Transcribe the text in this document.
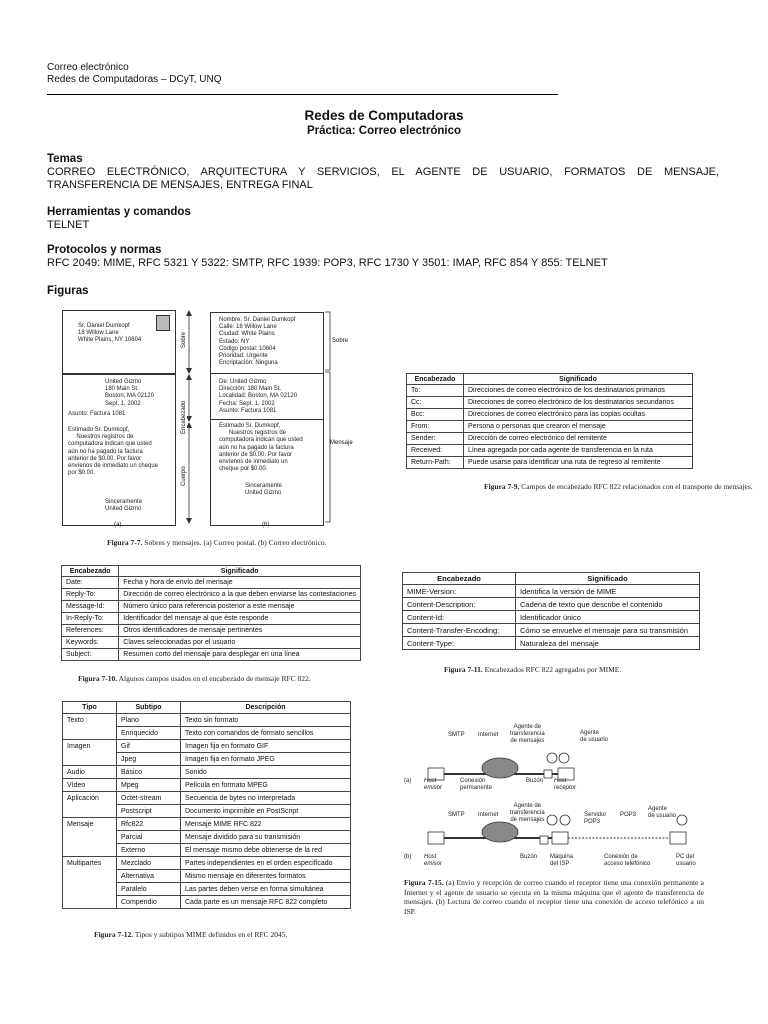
Correo electrónico
Redes de Computadoras – DCyT, UNQ
Redes de Computadoras
Práctica: Correo electrónico
Temas
CORREO ELECTRÓNICO, ARQUITECTURA Y SERVICIOS, EL AGENTE DE USUARIO, FORMATOS DE MENSAJE, TRANSFERENCIA DE MENSAJES, ENTREGA FINAL
Herramientas y comandos
TELNET
Protocolos y normas
RFC 2049: MIME, RFC 5321 Y 5322: SMTP, RFC 1939: POP3, RFC 1730 Y 3501: IMAP, RFC 854 Y 855: TELNET
Figuras
Sr. Daniel Dumkopf
18 Willow Lane
White Plains, NY 10604
United Gizmo
180 Main St.
Boston, MA 02120
Sept. 1, 2002
Asunto: Factura 1081
Estimado Sr. Dumkopf,
Nuestros registros de
computadora indican que usted
aún no ha pagado la factura
anterior de $0.00. Por favor
envíenos de inmediato un cheque
por $0.00.
Sinceramente
United Gizmo
Sobre
Encabezado
Cuerpo
Nombre: Sr. Daniel Dumkopf
Calle: 18 Willow Lane
Ciudad: White Plains
Estado: NY
Código postal: 10604
Prioridad: Urgente
Encriptación: Ninguna
De: United Gizmo
Dirección: 180 Main St.
Localidad: Boston, MA 02120
Fecha: Sept. 1, 2002
Asunto: Factura 1081
Estimado Sr. Dumkopf,
Nuestros registros de
computadora indican que usted
aún no ha pagado la factura
anterior de $0.00. Por favor
envíenos de inmediato un
cheque por $0.00.
Sinceramente
United Gizmo
Sobre
Mensaje
(a)	(b)
Figura 7-7. Sobres y mensajes. (a) Correo postal. (b) Correo electrónico.
Encabezado	Significado
To:	Direcciones de correo electrónico de los destinatarios primarios
Cc:	Direcciones de correo electrónico de los destinatarios secundarios
Bcc:	Direcciones de correo electrónico para las copias ocultas
From:	Persona o personas que crearon el mensaje
Sender:	Dirección de correo electrónico del remitente
Received:	Línea agregada por cada agente de transferencia en la ruta
Return-Path:	Puede usarse para identificar una ruta de regreso al remitente
Figura 7-9. Campos de encabezado RFC 822 relacionados con el transporte de mensajes.
Encabezado	Significado
Date:	Fecha y hora de envío del mensaje
Reply-To:	Dirección de correo electrónico a la que deben enviarse las contestaciones
Message-Id:	Número único para referencia posterior a este mensaje
In-Reply-To:	Identificador del mensaje al que éste responde
References:	Otros identificadores de mensaje pertinentes
Keywords:	Claves seleccionadas por el usuario
Subject:	Resumen corto del mensaje para desplegar en una línea
Figura 7-10. Algunos campos usados en el encabezado de mensaje RFC 822.
Encabezado	Significado
MIME-Version:	Identifica la versión de MIME
Content-Description:	Cadena de texto que describe el contenido
Content-Id:	Identificador único
Content-Transfer-Encoding:	Cómo se envuelve el mensaje para su transmisión
Content-Type:	Naturaleza del mensaje
Figura 7-11. Encabezados RFC 822 agregados por MIME.
Tipo	Subtipo	Descripción
Texto	Plano	Texto sin formato
	Enriquecido	Texto con comandos de formato sencillos
Imagen	Gif	Imagen fija en formato GIF
	Jpeg	Imagen fija en formato JPEG
Audio	Básico	Sonido
Vídeo	Mpeg	Película en formato MPEG
Aplicación	Octet-stream	Secuencia de bytes no interpretada
	Postscript	Documento imprimible en PostScript
Mensaje	Rfc822	Mensaje MIME RFC 822
	Parcial	Mensaje dividido para su transmisión
	Externo	El mensaje mismo debe obtenerse de la red
Multipartes	Mezclado	Partes independientes en el orden especificado
	Alternativa	Mismo mensaje en diferentes formatos
	Paralelo	Las partes deben verse en forma simultánea
	Compendio	Cada parte es un mensaje RFC 822 completo
Figura 7-12. Tipos y subtipos MIME definidos en el RFC 2045.
SMTP Internet
Agente de
transferencia
de mensajes
Agente
de usuario
(a) Host
emisor
Conexión
permanente
Buzón Host
receptor
SMTP Internet
Agente de
transferencia
de mensajes
Servidor
POP3
POP3
Agente
de usuario
(b) Host
emisor
Buzón Máquina
del ISP
Conexión de
acceso telefónico
PC del
usuario
Figura 7-15. (a) Envío y recepción de correo cuando el receptor tiene una conexión permanente a Internet y el agente de usuario se ejecuta en la misma máquina que el agente de transferencia de mensajes. (b) Lectura de correo cuando el receptor tiene una conexión de acceso telefónico a un ISP.
